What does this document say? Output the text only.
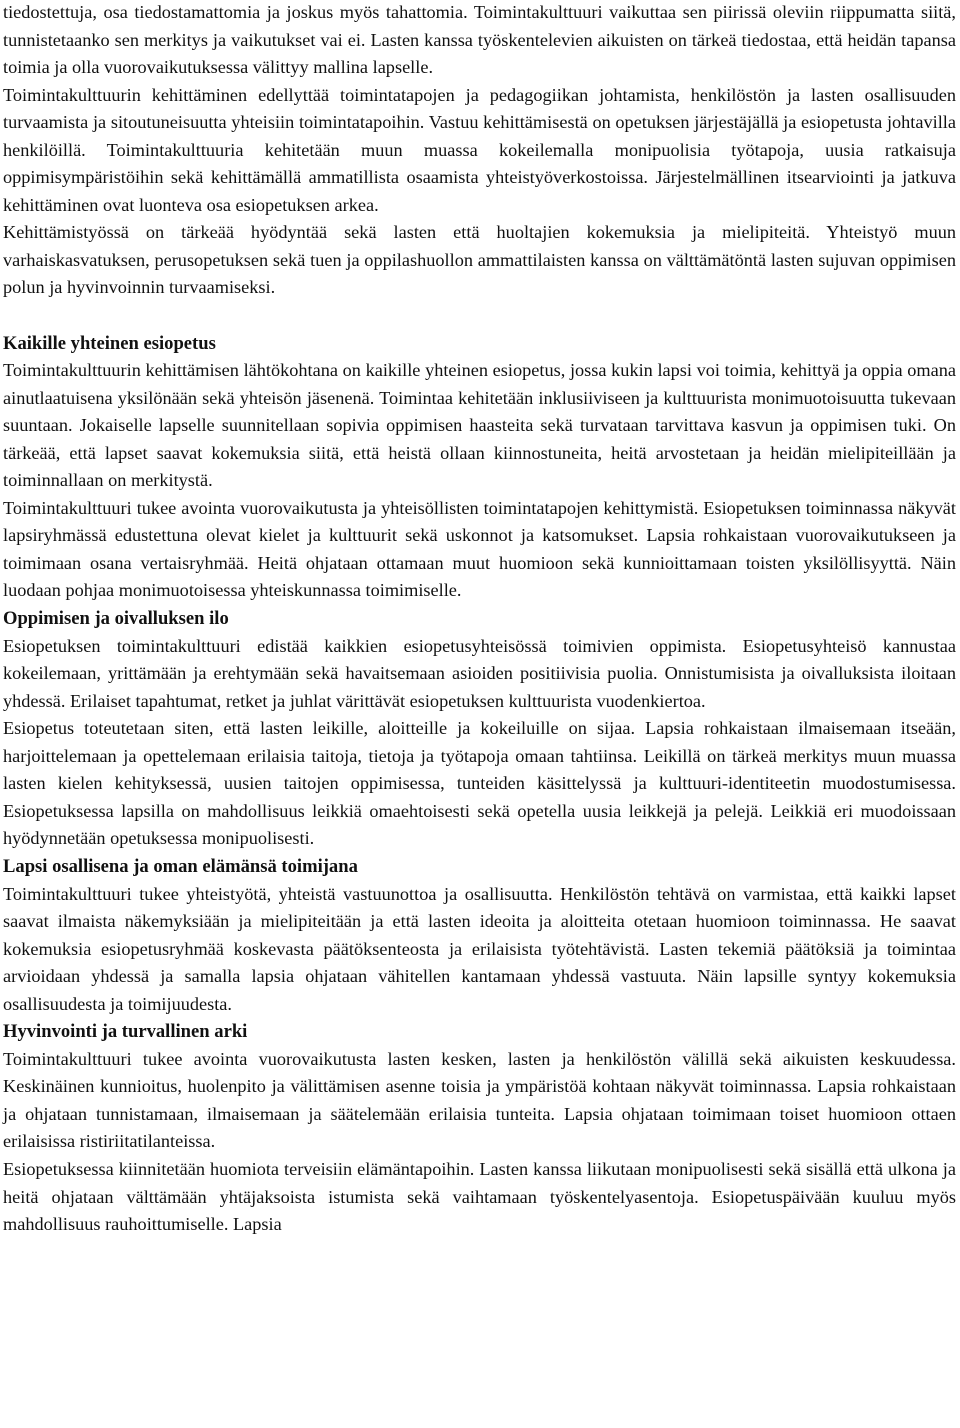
tiedostettuja, osa tiedostamattomia ja joskus myös tahattomia. Toimintakulttuuri vaikuttaa sen piirissä oleviin riippumatta siitä, tunnistetaanko sen merkitys ja vaikutukset vai ei. Lasten kanssa työskentelevien aikuisten on tärkeä tiedostaa, että heidän tapansa toimia ja olla vuorovaikutuksessa välittyy mallina lapselle.

Toimintakulttuurin kehittäminen edellyttää toimintatapojen ja pedagogiikan johtamista, henkilöstön ja lasten osallisuuden turvaamista ja sitoutuneisuutta yhteisiin toimintatapoihin. Vastuu kehittämisestä on opetuksen järjestäjällä ja esiopetusta johtavilla henkilöillä. Toimintakulttuuria kehitetään muun muassa kokeilemalla monipuolisia työtapoja, uusia ratkaisuja oppimisympäristöihin sekä kehittämällä ammatillista osaamista yhteistyöverkostoissa. Järjestelmällinen itsearviointi ja jatkuva kehittäminen ovat luonteva osa esiopetuksen arkea.

Kehittämistyössä on tärkeää hyödyntää sekä lasten että huoltajien kokemuksia ja mielipiteitä. Yhteistyö muun varhaiskasvatuksen, perusopetuksen sekä tuen ja oppilashuollon ammattilaisten kanssa on välttämätöntä lasten sujuvan oppimisen polun ja hyvinvoinnin turvaamiseksi.

Kaikille yhteinen esiopetus

Toimintakulttuurin kehittämisen lähtökohtana on kaikille yhteinen esiopetus, jossa kukin lapsi voi toimia, kehittyä ja oppia omana ainutlaatuisena yksilönään sekä yhteisön jäsenenä. Toimintaa kehitetään inklusiiviseen ja kulttuurista monimuotoisuutta tukevaan suuntaan. Jokaiselle lapselle suunnitellaan sopivia oppimisen haasteita sekä turvataan tarvittava kasvun ja oppimisen tuki. On tärkeää, että lapset saavat kokemuksia siitä, että heistä ollaan kiinnostuneita, heitä arvostetaan ja heidän mielipiteillään ja toiminnallaan on merkitystä.

Toimintakulttuuri tukee avointa vuorovaikutusta ja yhteisöllisten toimintatapojen kehittymistä. Esiopetuksen toiminnassa näkyvät lapsiryhmässä edustettuna olevat kielet ja kulttuurit sekä uskonnot ja katsomukset. Lapsia rohkaistaan vuorovaikutukseen ja toimimaan osana vertaisryhmää. Heitä ohjataan ottamaan muut huomioon sekä kunnioittamaan toisten yksilöllisyyttä. Näin luodaan pohjaa monimuotoisessa yhteiskunnassa toimimiselle.

Oppimisen ja oivalluksen ilo

Esiopetuksen toimintakulttuuri edistää kaikkien esiopetusyhteisössä toimivien oppimista. Esiopetusyhteisö kannustaa kokeilemaan, yrittämään ja erehtymään sekä havaitsemaan asioiden positiivisia puolia. Onnistumisista ja oivalluksista iloitaan yhdessä. Erilaiset tapahtumat, retket ja juhlat värittävät esiopetuksen kulttuurista vuodenkiertoa.

Esiopetus toteutetaan siten, että lasten leikille, aloitteille ja kokeiluille on sijaa. Lapsia rohkaistaan ilmaisemaan itseään, harjoittelemaan ja opettelemaan erilaisia taitoja, tietoja ja työtapoja omaan tahtiinsa. Leikillä on tärkeä merkitys muun muassa lasten kielen kehityksessä, uusien taitojen oppimisessa, tunteiden käsittelyssä ja kulttuuri-identiteetin muodostumisessa. Esiopetuksessa lapsilla on mahdollisuus leikkiä omaehtoisesti sekä opetella uusia leikkejä ja pelejä. Leikkiä eri muodoissaan hyödynnetään opetuksessa monipuolisesti.

Lapsi osallisena ja oman elämänsä toimijana

Toimintakulttuuri tukee yhteistyötä, yhteistä vastuunottoa ja osallisuutta. Henkilöstön tehtävä on varmistaa, että kaikki lapset saavat ilmaista näkemyksiään ja mielipiteitään ja että lasten ideoita ja aloitteita otetaan huomioon toiminnassa. He saavat kokemuksia esiopetusryhmää koskevasta päätöksenteosta ja erilaisista työtehtävistä. Lasten tekemiä päätöksiä ja toimintaa arvioidaan yhdessä ja samalla lapsia ohjataan vähitellen kantamaan yhdessä vastuuta. Näin lapsille syntyy kokemuksia osallisuudesta ja toimijuudesta.

Hyvinvointi ja turvallinen arki

Toimintakulttuuri tukee avointa vuorovaikutusta lasten kesken, lasten ja henkilöstön välillä sekä aikuisten keskuudessa. Keskinäinen kunnioitus, huolenpito ja välittämisen asenne toisia ja ympäristöä kohtaan näkyvät toiminnassa. Lapsia rohkaistaan ja ohjataan tunnistamaan, ilmaisemaan ja säätelemään erilaisia tunteita. Lapsia ohjataan toimimaan toiset huomioon ottaen erilaisissa ristiriitatilanteissa.

Esiopetuksessa kiinnitetään huomiota terveisiin elämäntapoihin. Lasten kanssa liikutaan monipuolisesti sekä sisällä että ulkona ja heitä ohjataan välttämään yhtäjaksoista istumista sekä vaihtamaan työskentelyasentoja. Esiopetuspäivään kuuluu myös mahdollisuus rauhoittumiselle. Lapsia
